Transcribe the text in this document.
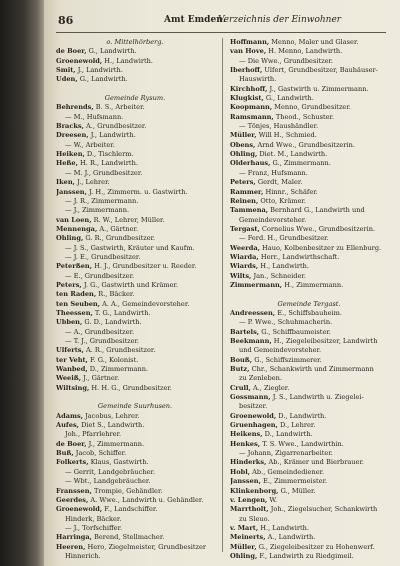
86	Amt Emden.
Verzeichnis der Einwohner
o. Mittelhörberg.
de Boer, G., Landwirth.
Groenewold, H., Landwirth.
Smit, J., Landwirth.
Uden, G., Landwirth.

Gemeinde Rysum.
Behrends, B. S., Arbeiter.
— M., Hufsmann.
Bracks, A., Grundbesitzer.
Dreesen, J., Landwirth.
— W., Arbeiter.
Heiken, D., Tischlerm.
Heße, H. R., Landwirth.
— M. J., Grundbesitzer.
Iken, J., Lehrer.
Janssen, J. H., Zimmerm. u. Gastwirth.
— J. R., Zimmermann.
— J., Zimmermann.
van Loen, R. W., Lehrer, Müller.
Mennenga, A., Gärtner.
Ohling, G. R., Grundbesitzer.
— J. S., Gastwirth, Kräuter und Kaufm.
— J. E., Grundbesitzer.
Peterßen, H. J., Grundbesitzer u. Reeder.
— E., Grundbesitzer.
Peters, J. G., Gastwirth und Krämer.
ten Raden, R., Bäcker.
ten Seuben, A. A., Gemeindevorsteher.
Theessen, T. G., Landwirth.
Ubben, G. D., Landwirth.
— A., Grundbesitzer.
— T. J., Grundbesitzer.
Ulferts, A. R., Grundbesitzer.
ter Veht, F. G., Kolonist.
Wanbed, D., Zimmermann.
Weeiß, J., Gärtner.
Wiltsing, H. H. G., Grundbesitzer.

Gemeinde Suurhusen.
Adams, Jacobus, Lehrer.
Aufes, Diet S., Landwirth.
Joh., Pfarrlehrer.
de Boer, J., Zimmermann.
Buß, Jacob, Schiffer.
Folkerts, Klaus, Gastwirth.
— Gerrit, Landgebräucher.
— Wbt., Landgebräucher.
Franssen, Trompie, Gehändler.
Geerdes, A. Wwe., Landwirth u. Gehändler.
Groenewold, F., Landschiffer.
Hinderk, Bäcker.
— J., Torfschiffer.
Harringa, Berend, Stellmacher.
Heeren, Hero, Ziegelmeister, Grundbesitzer
Hinnerich.
Hoffmann, Menno, Maler und Glaser.
van Hove, H. Menno, Landwirth.
— Die Wwe., Grundbesitzer.
Iberhoff, Ulfert, Grundbesitzer, Bauhäuser-
Hauswirth.
Kirchhoff, J., Gastwirth u. Zimmermann.
Klugkist, G., Landwirth.
Koopmann, Menno, Grundbesitzer.
Ramsmann, Theod., Schuster.
— Tönjes, Haushändler.
Müller, Will H., Schmied.
Obens, Arnd Wwe., Grundbesitzerin.
Ohling, Diet. M., Landwirth.
Olderhaus, G., Zimmermann.
— Franz, Hufsmann.
Peters, Gerdt, Maler.
Rammer, Hinnr., Schäfer.
Reinen, Otto, Krämer.
Tammena, Bernhard G., Landwirth und
Gemeindevorsteher.
Tergast, Cornelius Wwe., Grundbesitzerin.
— Ferd. H., Grundbesitzer.
Weerda, Hauo, Kolbenbesitzer zu Ellenburg.
Wiarda, Herr., Landwirthschaft.
Wiards, H., Landwirth.
Wilts, Jan., Schneider.
Zimmermann, H., Zimmermann.

Gemeinde Tergast.
Andreessen, E., Schiffsbauheim.
— P. Wwe., Schuhmacherin.
Bartels, G., Schiffbaumeister.
Beekmann, H., Ziegeleibesitzer, Landwirth
und Gemeindevorsteher.
Bouß, G., Schiffszimmerer.
Butz, Chr., Schankwirth und Zimmermann
zu Zenleben.
Crull, A., Ziegler.
Gossmann, J. S., Landwirth u. Ziegelei-
besitzer.
Groenewold, D., Landwirth.
Gruenhagen, D., Lehrer.
Heikens, D., Landwirth.
Henkes, T. S. Wwe., Landwirthin.
— Johann, Zigarrenarbeiter.
Hinderks, Ab., Krämer und Bierbrauer.
Hobl, Ab., Gemeindediener.
Janssen, E., Zimmermeister.
Klinkenborg, G., Müller.
v. Lengen, W.
Marrtholt, Joh., Ziegelsucher, Schankwirth
zu Sleuo.
v. Mart, H., Landwirth.
Meinerts, A., Landwirth.
Müller, G., Ziegeleibesitzer zu Hohenwerf.
Ohling, F., Landwirth zu Riedgimeil.
